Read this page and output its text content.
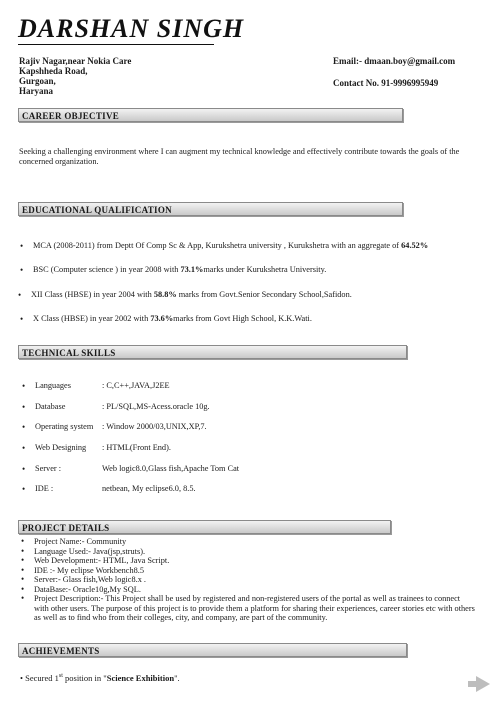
DARSHAN SINGH
Rajiv Nagar,near Nokia Care
Kapshheda Road,
Gurgoan,
Haryana
Email:- dmaan.boy@gmail.com
Contact No. 91-9996995949
CAREER OBJECTIVE
Seeking a challenging environment where I can augment my technical knowledge and effectively contribute towards the goals of the concerned organization.
EDUCATIONAL QUALIFICATION
• MCA (2008-2011) from Deptt Of Comp Sc & App, Kurukshetra university , Kurukshetra with an aggregate of 64.52%
• BSC (Computer science ) in year 2008 with 73.1%marks under Kurukshetra University.
• XII Class (HBSE) in year 2004 with 58.8% marks from Govt.Senior Secondary School,Safidon.
• X Class (HBSE) in year 2002 with 73.6%marks from Govt High School, K.K.Wati.
TECHNICAL SKILLS
• Languages	: C,C++,JAVA,J2EE
• Database	: PL/SQL,MS-Acess.oracle 10g.
• Operating system : Window 2000/03,UNIX,XP,7.
• Web Designing : HTML(Front End).
• Server :	Web logic8.0,Glass fish,Apache Tom Cat
• IDE :	netbean, My eclipse6.0, 8.5.
PROJECT DETAILS
• Project Name:- Community
• Language Used:- Java(jsp,struts).
• Web Development:- HTML, Java Script.
• IDE :- My eclipse Workbench8.5
• Server:- Glass fish,Web logic8.x .
• DataBase:- Oracle10g,My SQL.
• Project Description:- This Project shall be used by registered and non-registered users of the portal as well as trainees to connect with other users. The purpose of this project is to provide them a platform for sharing their experiences, career stories etc with others as well as to find who from their colleges, city, and company, are part of the community.
ACHIEVEMENTS
• Secured 1st position in "Science Exhibition".
